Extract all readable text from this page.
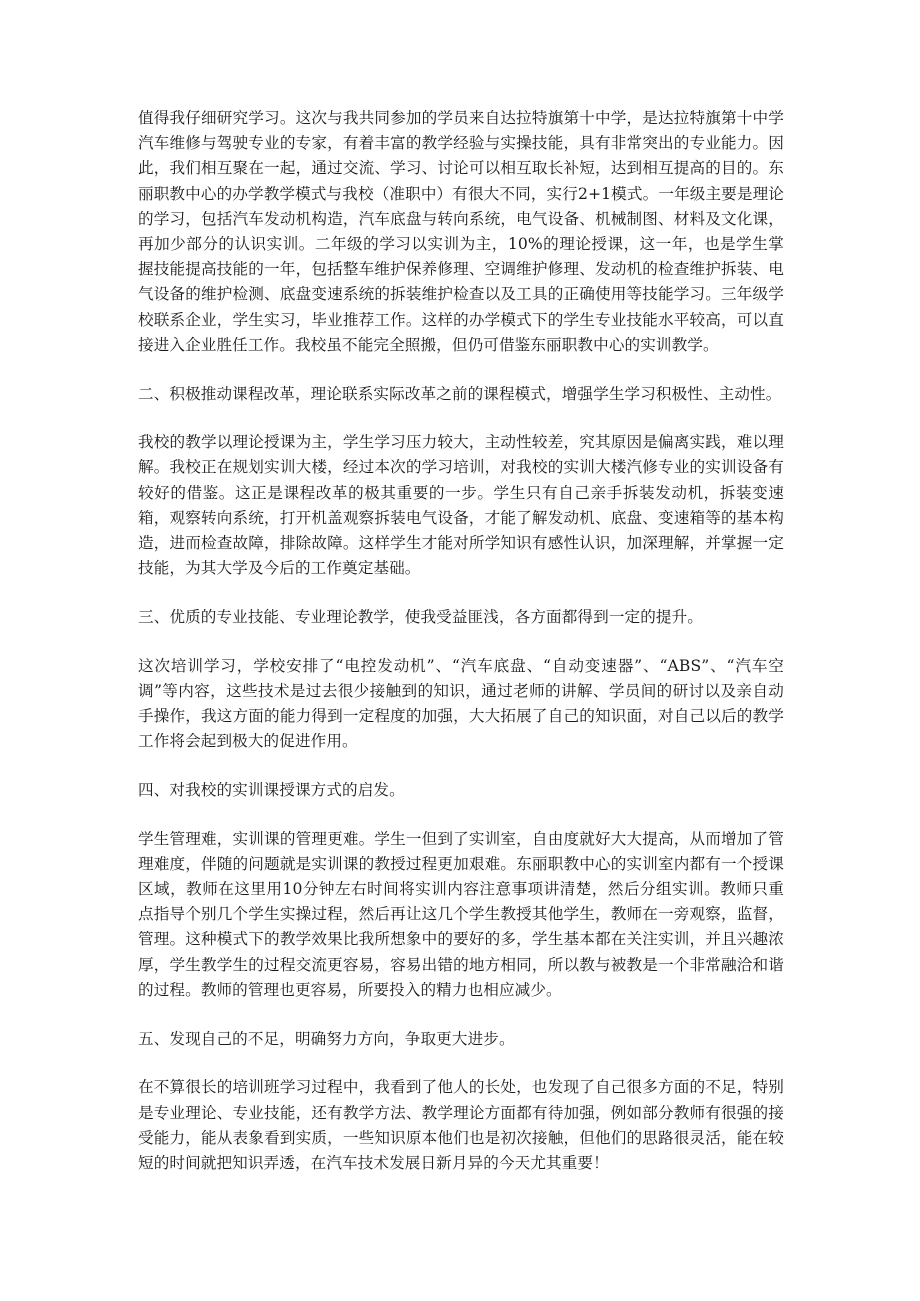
值得我仔细研究学习。这次与我共同参加的学员来自达拉特旗第十中学，是达拉特旗第十中学汽车维修与驾驶专业的专家，有着丰富的教学经验与实操技能，具有非常突出的专业能力。因此，我们相互聚在一起，通过交流、学习、讨论可以相互取长补短，达到相互提高的目的。东丽职教中心的办学教学模式与我校（准职中）有很大不同，实行2+1模式。一年级主要是理论的学习，包括汽车发动机构造，汽车底盘与转向系统，电气设备、机械制图、材料及文化课，再加少部分的认识实训。二年级的学习以实训为主，10%的理论授课，这一年，也是学生掌握技能提高技能的一年，包括整车维护保养修理、空调维护修理、发动机的检查维护拆装、电气设备的维护检测、底盘变速系统的拆装维护检查以及工具的正确使用等技能学习。三年级学校联系企业，学生实习，毕业推荐工作。这样的办学模式下的学生专业技能水平较高，可以直接进入企业胜任工作。我校虽不能完全照搬，但仍可借鉴东丽职教中心的实训教学。

二、积极推动课程改革，理论联系实际改革之前的课程模式，增强学生学习积极性、主动性。

我校的教学以理论授课为主，学生学习压力较大，主动性较差，究其原因是偏离实践，难以理解。我校正在规划实训大楼，经过本次的学习培训，对我校的实训大楼汽修专业的实训设备有较好的借鉴。这正是课程改革的极其重要的一步。学生只有自己亲手拆装发动机，拆装变速箱，观察转向系统，打开机盖观察拆装电气设备，才能了解发动机、底盘、变速箱等的基本构造，进而检查故障，排除故障。这样学生才能对所学知识有感性认识，加深理解，并掌握一定技能，为其大学及今后的工作奠定基础。

三、优质的专业技能、专业理论教学，使我受益匪浅，各方面都得到一定的提升。

这次培训学习，学校安排了“电控发动机”、“汽车底盘、“自动变速器”、“ABS”、“汽车空调”等内容，这些技术是过去很少接触到的知识，通过老师的讲解、学员间的研讨以及亲自动手操作，我这方面的能力得到一定程度的加强，大大拓展了自己的知识面，对自己以后的教学工作将会起到极大的促进作用。

四、对我校的实训课授课方式的启发。

学生管理难，实训课的管理更难。学生一但到了实训室，自由度就好大大提高，从而增加了管理难度，伴随的问题就是实训课的教授过程更加艰难。东丽职教中心的实训室内都有一个授课区域，教师在这里用10分钟左右时间将实训内容注意事项讲清楚，然后分组实训。教师只重点指导个别几个学生实操过程，然后再让这几个学生教授其他学生，教师在一旁观察，监督，管理。这种模式下的教学效果比我所想象中的要好的多，学生基本都在关注实训，并且兴趣浓厚，学生教学生的过程交流更容易，容易出错的地方相同，所以教与被教是一个非常融洽和谐的过程。教师的管理也更容易，所要投入的精力也相应减少。

五、发现自己的不足，明确努力方向，争取更大进步。

在不算很长的培训班学习过程中，我看到了他人的长处，也发现了自己很多方面的不足，特别是专业理论、专业技能，还有教学方法、教学理论方面都有待加强，例如部分教师有很强的接受能力，能从表象看到实质，一些知识原本他们也是初次接触，但他们的思路很灵活，能在较短的时间就把知识弄透，在汽车技术发展日新月异的今天尤其重要！
